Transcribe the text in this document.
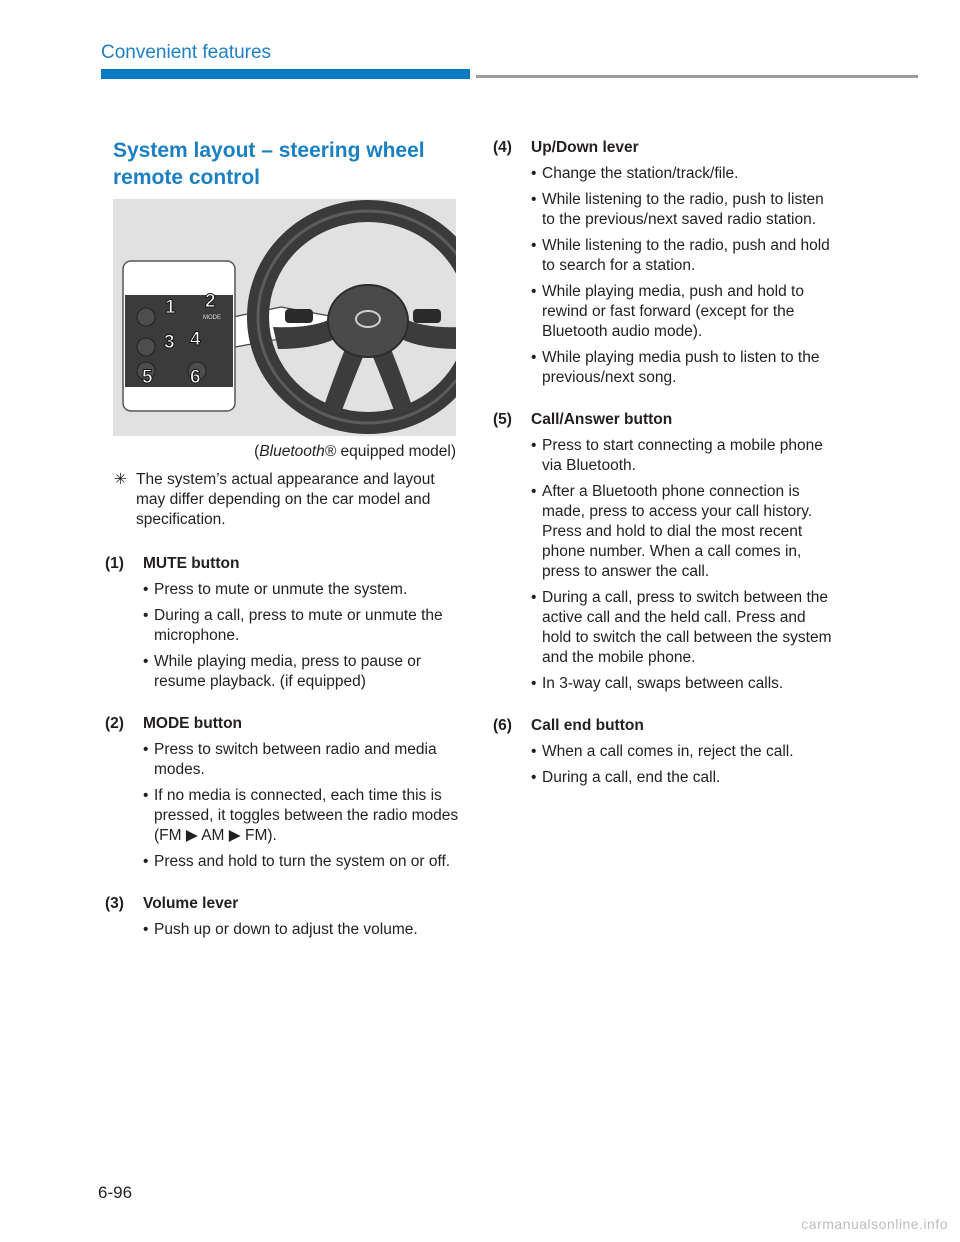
Convenient features
System layout – steering wheel remote control
MODE
1 2
3 4
5 6
(Bluetooth® equipped model)
✳ The system’s actual appearance and layout may differ depending on the car model and specification.
(1)	MUTE button
• Press to mute or unmute the system.
• During a call, press to mute or unmute the microphone.
• While playing media, press to pause or resume playback. (if equipped)
(2)	MODE button
• Press to switch between radio and media modes.
• If no media is connected, each time this is pressed, it toggles between the radio modes (FM ▶ AM ▶ FM).
• Press and hold to turn the system on or off.
(3)	Volume lever
• Push up or down to adjust the volume.
(4)	Up/Down lever
• Change the station/track/file.
• While listening to the radio, push to listen to the previous/next saved radio station.
• While listening to the radio, push and hold to search for a station.
• While playing media, push and hold to rewind or fast forward (except for the Bluetooth audio mode).
• While playing media push to listen to the previous/next song.
(5)	Call/Answer button
• Press to start connecting a mobile phone via Bluetooth.
• After a Bluetooth phone connection is made, press to access your call history. Press and hold to dial the most recent phone number. When a call comes in, press to answer the call.
• During a call, press to switch between the active call and the held call. Press and hold to switch the call between the system and the mobile phone.
• In 3-way call, swaps between calls.
(6)	Call end button
• When a call comes in, reject the call.
• During a call, end the call.
6-96
carmanualsonline.info
